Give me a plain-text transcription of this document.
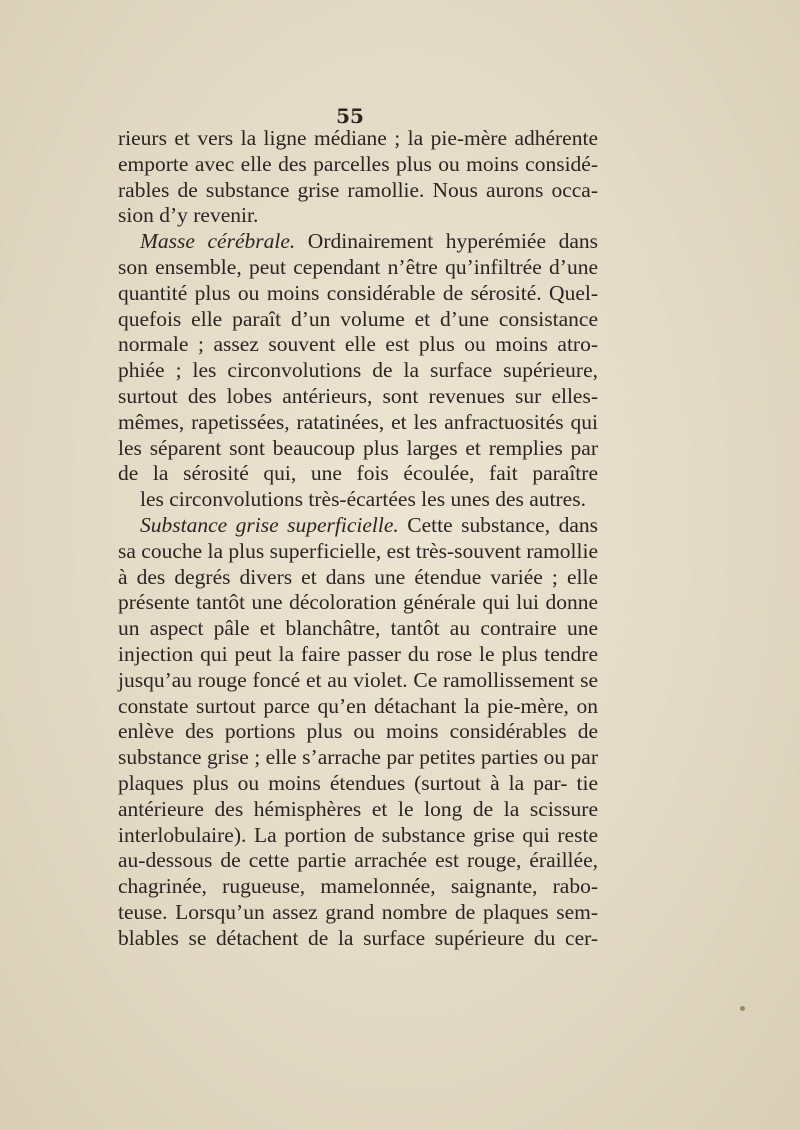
55

rieurs et vers la ligne médiane ; la pie-mère adhérente emporte avec elle des parcelles plus ou moins considé- rables de substance grise ramollie. Nous aurons occa-
sion d’y revenir.

Masse cérébrale. Ordinairement hyperémiée dans son ensemble, peut cependant n’être qu’infiltrée d’une quantité plus ou moins considérable de sérosité. Quel- quefois elle paraît d’un volume et d’une consistance normale ; assez souvent elle est plus ou moins atro- phiée ; les circonvolutions de la surface supérieure, surtout des lobes antérieurs, sont revenues sur elles- mêmes, rapetissées, ratatinées, et les anfractuosités qui les séparent sont beaucoup plus larges et remplies par de la sérosité qui, une fois écoulée, fait paraître
les circonvolutions très-écartées les unes des autres.

Substance grise superficielle. Cette substance, dans sa couche la plus superficielle, est très-souvent ramollie à des degrés divers et dans une étendue variée ; elle présente tantôt une décoloration générale qui lui donne un aspect pâle et blanchâtre, tantôt au contraire une injection qui peut la faire passer du rose le plus tendre jusqu’au rouge foncé et au violet. Ce ramollissement se constate surtout parce qu’en détachant la pie-mère, on enlève des portions plus ou moins considérables de substance grise ; elle s’arrache par petites parties ou par plaques plus ou moins étendues (surtout à la par- tie antérieure des hémisphères et le long de la scissure interlobulaire). La portion de substance grise qui reste au-dessous de cette partie arrachée est rouge, éraillée, chagrinée, rugueuse, mamelonnée, saignante, rabo- teuse. Lorsqu’un assez grand nombre de plaques sem- blables se détachent de la surface supérieure du cer-
